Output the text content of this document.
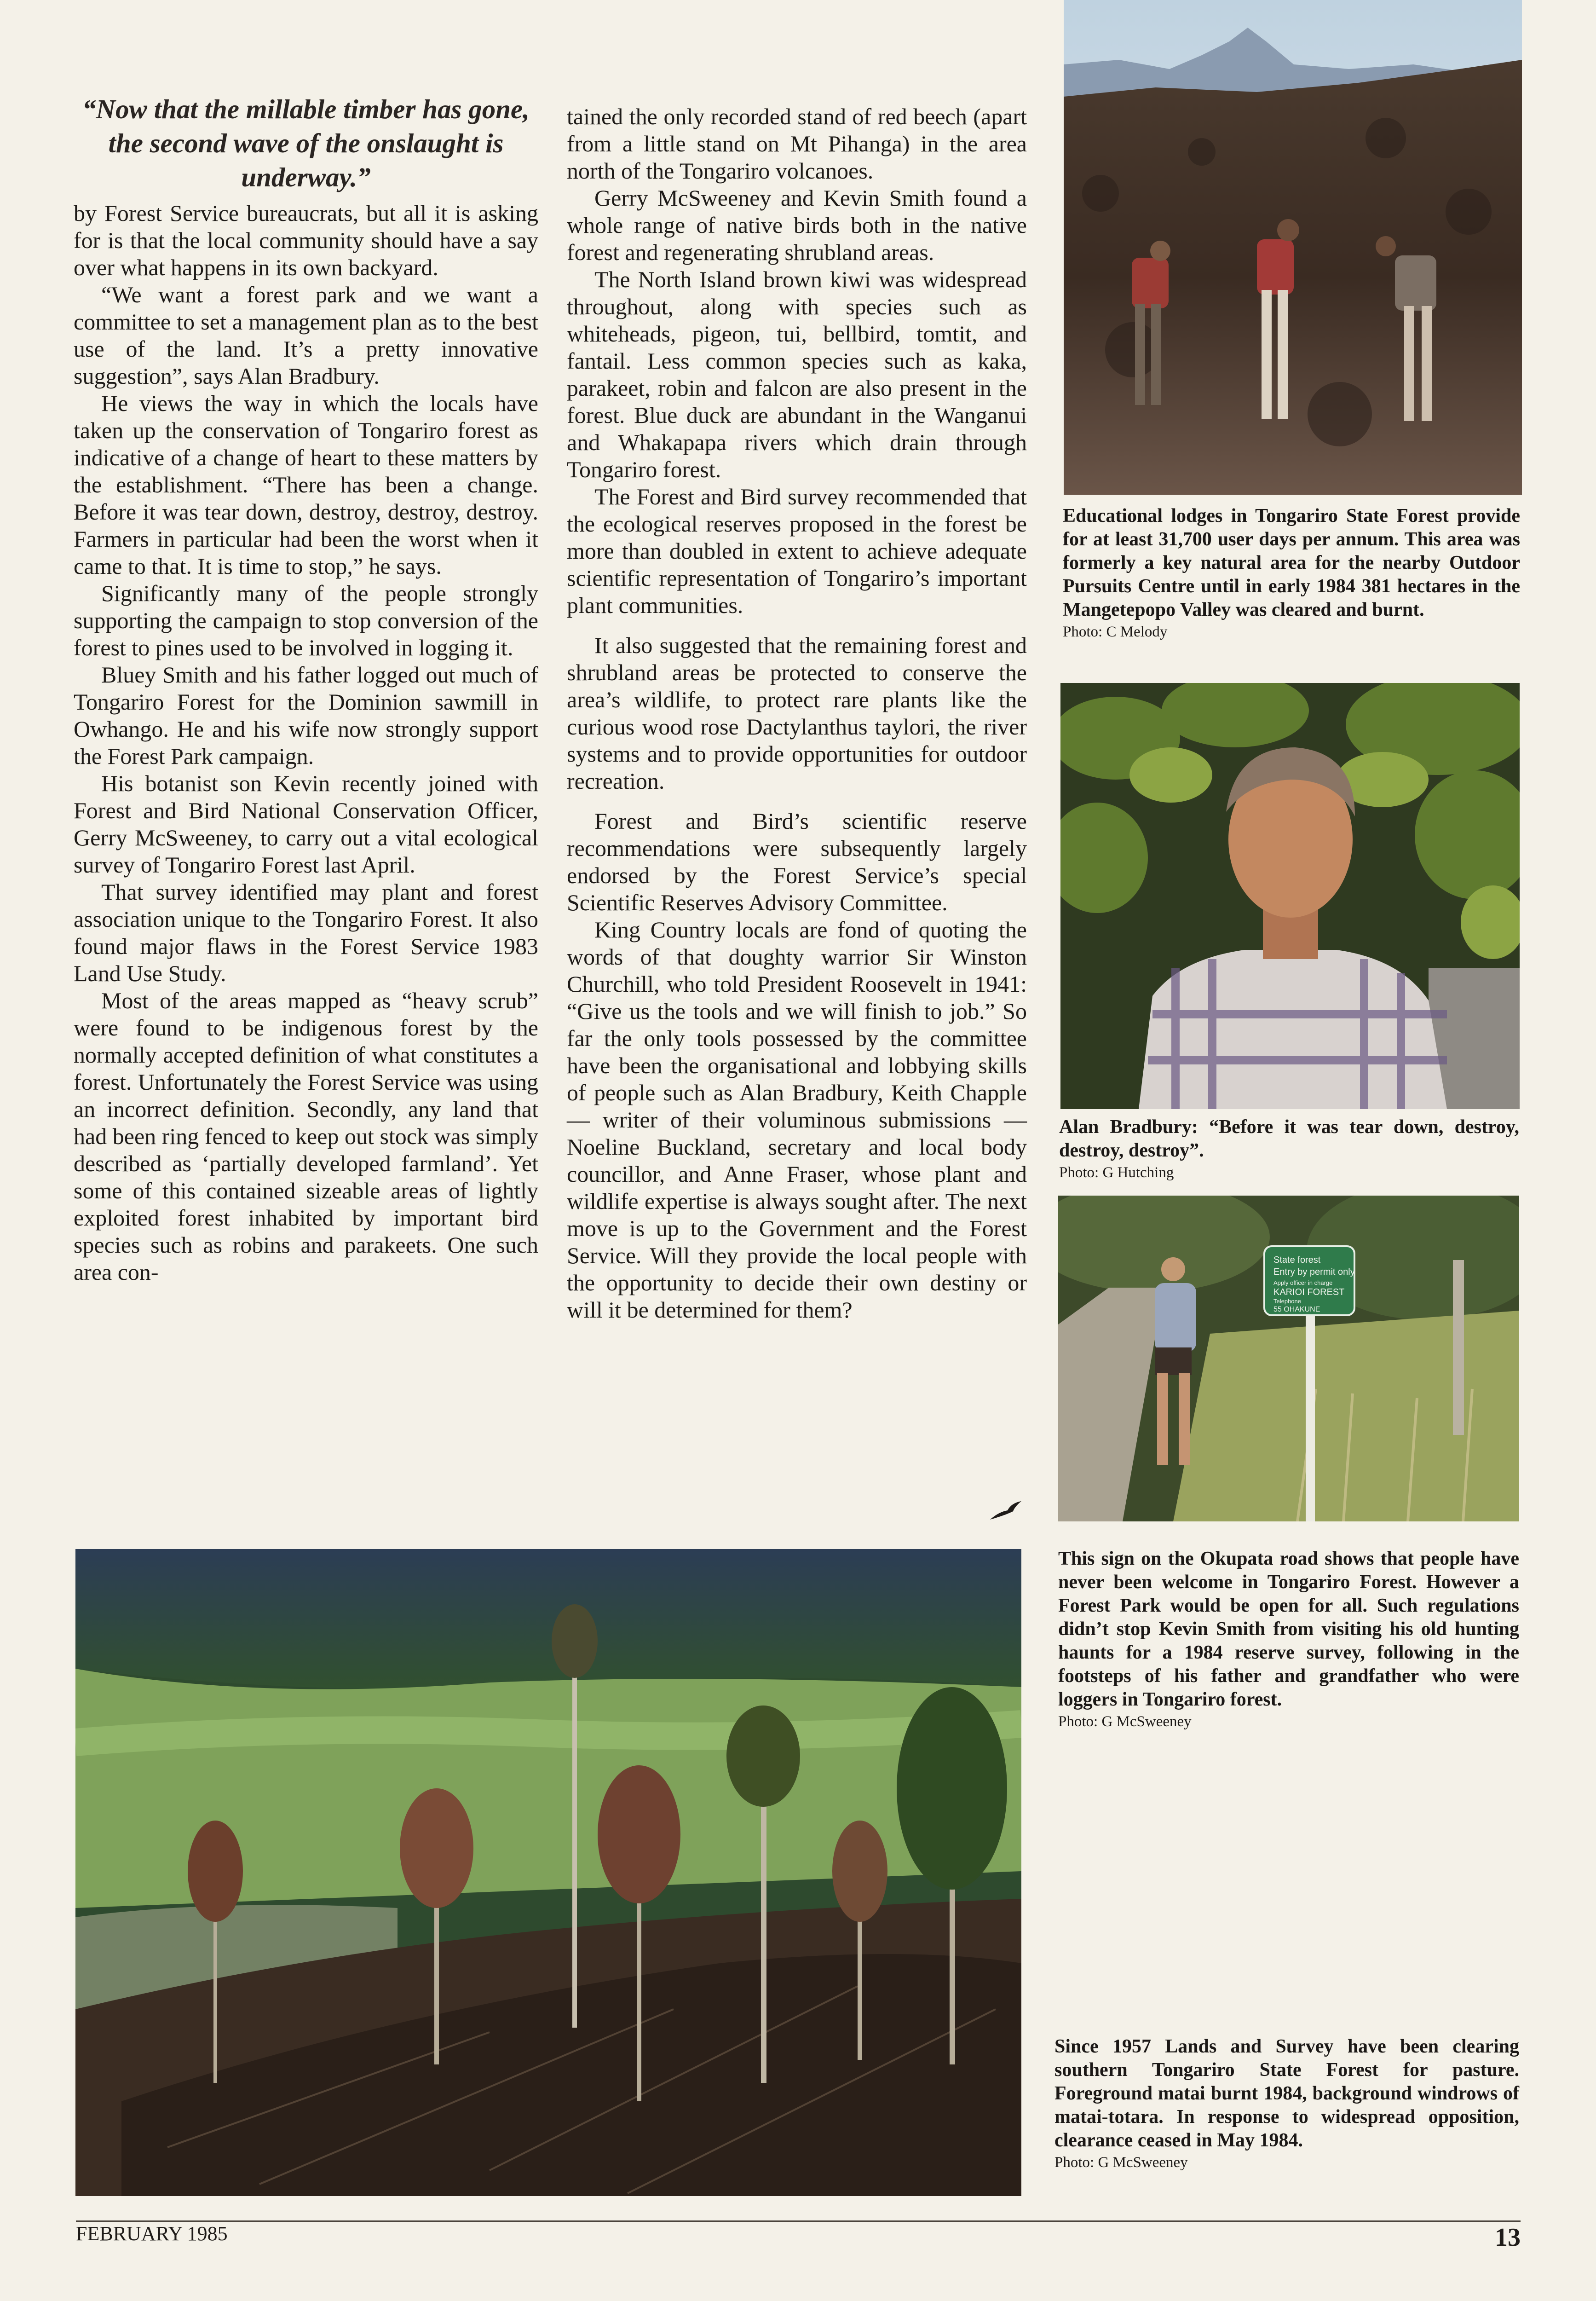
“Now that the millable timber has gone, the second wave of the onslaught is underway.”

by Forest Service bureaucrats, but all it is asking for is that the local community should have a say over what happens in its own backyard.

“We want a forest park and we want a committee to set a management plan as to the best use of the land. It’s a pretty innovative suggestion”, says Alan Bradbury.

He views the way in which the locals have taken up the conservation of Tongariro forest as indicative of a change of heart to these matters by the establishment. “There has been a change. Before it was tear down, destroy, destroy, destroy. Farmers in particular had been the worst when it came to that. It is time to stop,” he says.

Significantly many of the people strongly supporting the campaign to stop conversion of the forest to pines used to be involved in logging it.

Bluey Smith and his father logged out much of Tongariro Forest for the Dominion sawmill in Owhango. He and his wife now strongly support the Forest Park campaign.

His botanist son Kevin recently joined with Forest and Bird National Conservation Officer, Gerry McSweeney, to carry out a vital ecological survey of Tongariro Forest last April.

That survey identified may plant and forest association unique to the Tongariro Forest. It also found major flaws in the Forest Service 1983 Land Use Study.

Most of the areas mapped as “heavy scrub” were found to be indigenous forest by the normally accepted definition of what constitutes a forest. Unfortunately the Forest Service was using an incorrect definition. Secondly, any land that had been ring fenced to keep out stock was simply described as ‘partially developed farmland’. Yet some of this contained sizeable areas of lightly exploited forest inhabited by important bird species such as robins and parakeets. One such area con-

tained the only recorded stand of red beech (apart from a little stand on Mt Pihanga) in the area north of the Tongariro volcanoes.

Gerry McSweeney and Kevin Smith found a whole range of native birds both in the native forest and regenerating shrubland areas.

The North Island brown kiwi was widespread throughout, along with species such as whiteheads, pigeon, tui, bellbird, tomtit, and fantail. Less common species such as kaka, parakeet, robin and falcon are also present in the forest. Blue duck are abundant in the Wanganui and Whakapapa rivers which drain through Tongariro forest.

The Forest and Bird survey recommended that the ecological reserves proposed in the forest be more than doubled in extent to achieve adequate scientific representation of Tongariro’s important plant communities.

It also suggested that the remaining forest and shrubland areas be protected to conserve the area’s wildlife, to protect rare plants like the curious wood rose Dactylanthus taylori, the river systems and to provide opportunities for outdoor recreation.

Forest and Bird’s scientific reserve recommendations were subsequently largely endorsed by the Forest Service’s special Scientific Reserves Advisory Committee.

King Country locals are fond of quoting the words of that doughty warrior Sir Winston Churchill, who told President Roosevelt in 1941: “Give us the tools and we will finish to job.” So far the only tools possessed by the committee have been the organisational and lobbying skills of people such as Alan Bradbury, Keith Chapple — writer of their voluminous submissions —Noeline Buckland, secretary and local body councillor, and Anne Fraser, whose plant and wildlife expertise is always sought after. The next move is up to the Government and the Forest Service. Will they provide the local people with the opportunity to decide their own destiny or will it be determined for them?

Educational lodges in Tongariro State Forest provide for at least 31,700 user days per annum. This area was formerly a key natural area for the nearby Outdoor Pursuits Centre until in early 1984 381 hectares in the Mangetepopo Valley was cleared and burnt.
Photo: C Melody
Alan Bradbury: “Before it was tear down, destroy, destroy, destroy”.
Photo: G Hutching
State forest
Entry by permit only
Apply officer in charge
KARIOI FOREST
Telephone
55 OHAKUNE
This sign on the Okupata road shows that people have never been welcome in Tongariro Forest. However a Forest Park would be open for all. Such regulations didn’t stop Kevin Smith from visiting his old hunting haunts for a 1984 reserve survey, following in the footsteps of his father and grandfather who were loggers in Tongariro forest.
Photo: G McSweeney
Since 1957 Lands and Survey have been clearing southern Tongariro State Forest for pasture. Foreground matai burnt 1984, background windrows of matai-totara. In response to widespread opposition, clearance ceased in May 1984.
Photo: G McSweeney
FEBRUARY 1985	13
